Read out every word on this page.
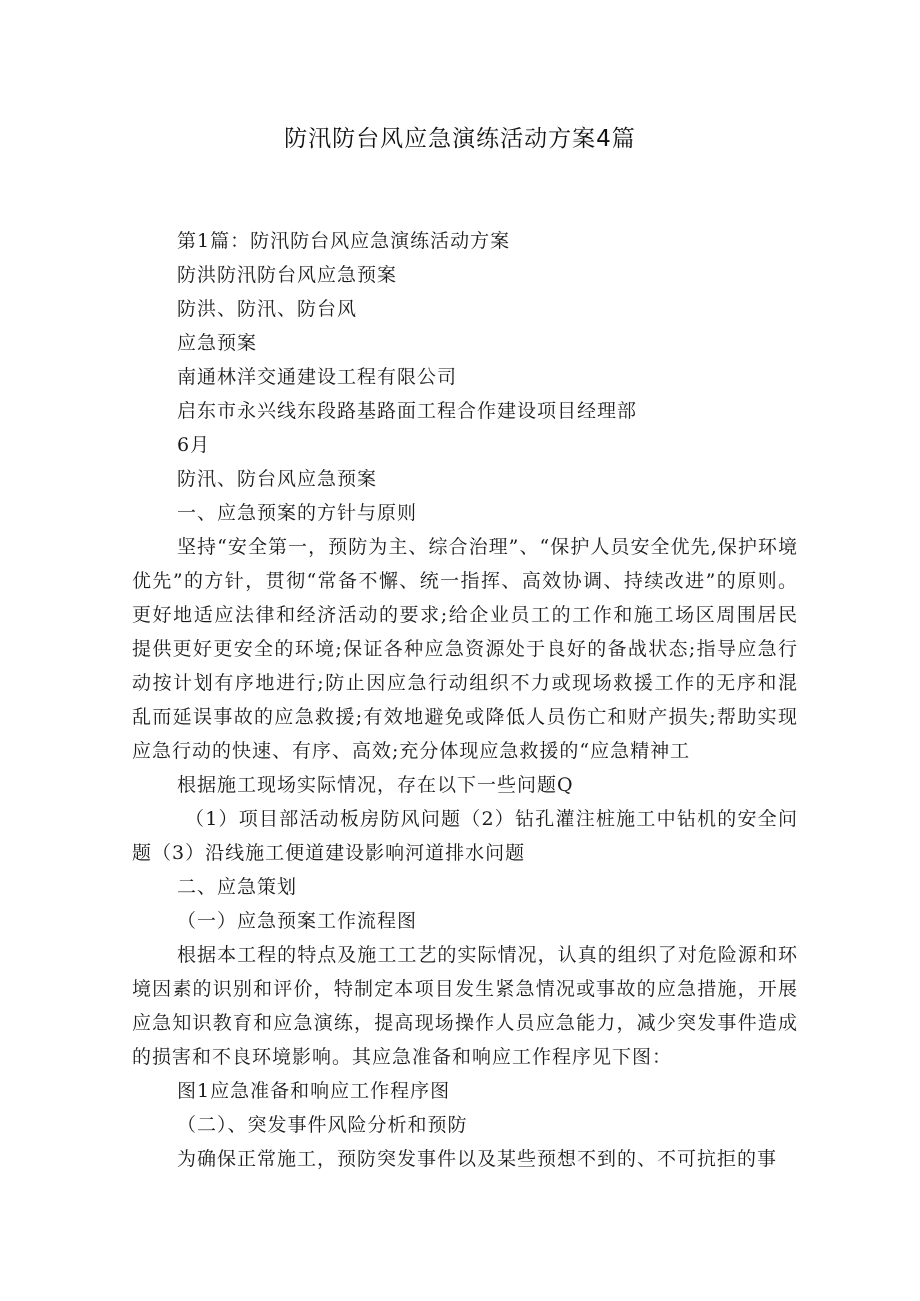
防汛防台风应急演练活动方案4篇

第1篇：防汛防台风应急演练活动方案

防洪防汛防台风应急预案

防洪、防汛、防台风

应急预案

南通林洋交通建设工程有限公司

启东市永兴线东段路基路面工程合作建设项目经理部

6月

防汛、防台风应急预案

一、应急预案的方针与原则

坚持“安全第一，预防为主、综合治理”、“保护人员安全优先,保护环境优先”的方针，贯彻“常备不懈、统一指挥、高效协调、持续改进”的原则。更好地适应法律和经济活动的要求;给企业员工的工作和施工场区周围居民提供更好更安全的环境;保证各种应急资源处于良好的备战状态;指导应急行动按计划有序地进行;防止因应急行动组织不力或现场救援工作的无序和混乱而延误事故的应急救援;有效地避免或降低人员伤亡和财产损失;帮助实现应急行动的快速、有序、高效;充分体现应急救援的“应急精神工

根据施工现场实际情况，存在以下一些问题Q

（1）项目部活动板房防风问题（2）钻孔灌注桩施工中钻机的安全问题（3）沿线施工便道建设影响河道排水问题

二、应急策划

（一）应急预案工作流程图

根据本工程的特点及施工工艺的实际情况，认真的组织了对危险源和环境因素的识别和评价，特制定本项目发生紧急情况或事故的应急措施，开展应急知识教育和应急演练，提高现场操作人员应急能力，减少突发事件造成的损害和不良环境影响。其应急准备和响应工作程序见下图：

图1应急准备和响应工作程序图

（二）、突发事件风险分析和预防

为确保正常施工，预防突发事件以及某些预想不到的、不可抗拒的事
